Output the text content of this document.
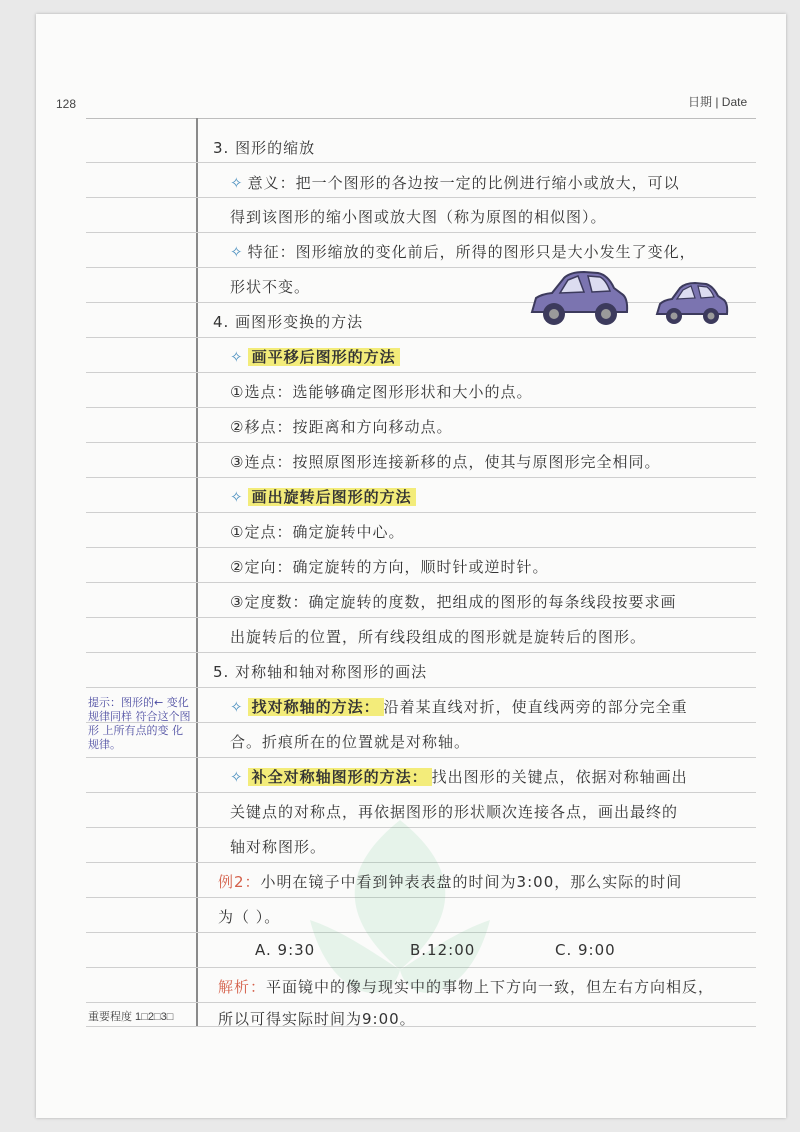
128	日期 | Date
3. 图形的缩放
✧ 意义：把一个图形的各边按一定的比例进行缩小或放大，可以
得到该图形的缩小图或放大图（称为原图的相似图）。
✧ 特征：图形缩放的变化前后，所得的图形只是大小发生了变化，
形状不变。
4. 画图形变换的方法
✧ 画平移后图形的方法
①选点：选能够确定图形形状和大小的点。
②移点：按距离和方向移动点。
③连点：按照原图形连接新移的点，使其与原图形完全相同。
✧ 画出旋转后图形的方法
①定点：确定旋转中心。
②定向：确定旋转的方向，顺时针或逆时针。
③定度数：确定旋转的度数，把组成的图形的每条线段按要求画
出旋转后的位置，所有线段组成的图形就是旋转后的图形。
5. 对称轴和轴对称图形的画法
✧ 找对称轴的方法： 沿着某直线对折，使直线两旁的部分完全重
合。折痕所在的位置就是对称轴。
✧ 补全对称轴图形的方法： 找出图形的关键点，依据对称轴画出
关键点的对称点，再依据图形的形状顺次连接各点，画出最终的
轴对称图形。
例2：小明在镜子中看到钟表表盘的时间为3:00，那么实际的时间
为（ ）。
A. 9:30	B.12:00	C. 9:00
解析：平面镜中的像与现实中的事物上下方向一致，但左右方向相反，
所以可得实际时间为9:00。
提示：图形的← 变化规律同样 符合这个图形 上所有点的变 化规律。
重要程度 1□2□3□
